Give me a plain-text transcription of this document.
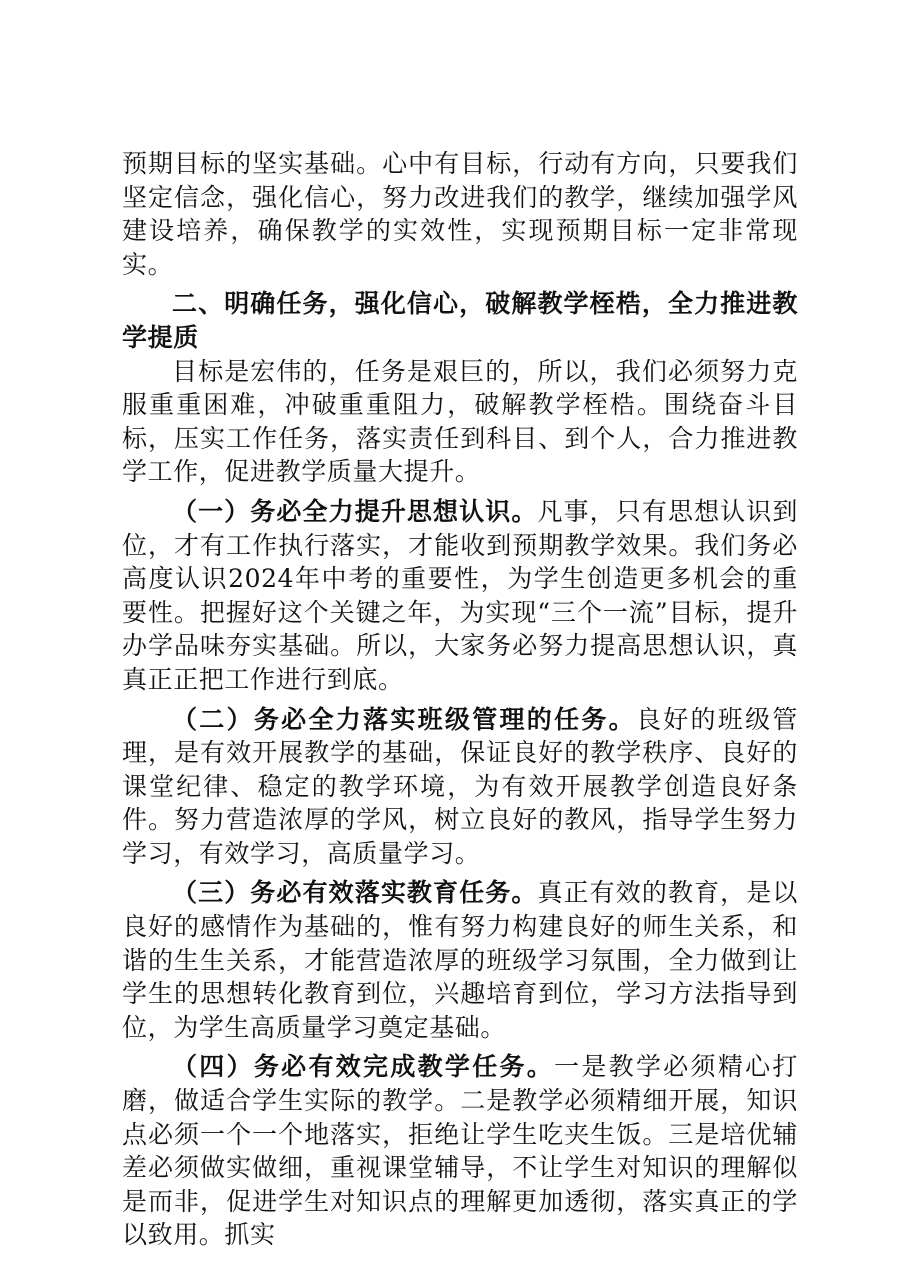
预期目标的坚实基础。心中有目标，行动有方向，只要我们坚定信念，强化信心，努力改进我们的教学，继续加强学风建设培养，确保教学的实效性，实现预期目标一定非常现实。

二、明确任务，强化信心，破解教学桎梏，全力推进教学提质

目标是宏伟的，任务是艰巨的，所以，我们必须努力克服重重困难，冲破重重阻力，破解教学桎梏。围绕奋斗目标，压实工作任务，落实责任到科目、到个人，合力推进教学工作，促进教学质量大提升。

（一）务必全力提升思想认识。凡事，只有思想认识到位，才有工作执行落实，才能收到预期教学效果。我们务必高度认识2024年中考的重要性，为学生创造更多机会的重要性。把握好这个关键之年，为实现“三个一流”目标，提升办学品味夯实基础。所以，大家务必努力提高思想认识，真真正正把工作进行到底。

（二）务必全力落实班级管理的任务。良好的班级管理，是有效开展教学的基础，保证良好的教学秩序、良好的课堂纪律、稳定的教学环境，为有效开展教学创造良好条件。努力营造浓厚的学风，树立良好的教风，指导学生努力学习，有效学习，高质量学习。

（三）务必有效落实教育任务。真正有效的教育，是以良好的感情作为基础的，惟有努力构建良好的师生关系，和谐的生生关系，才能营造浓厚的班级学习氛围，全力做到让学生的思想转化教育到位，兴趣培育到位，学习方法指导到位，为学生高质量学习奠定基础。

（四）务必有效完成教学任务。一是教学必须精心打磨，做适合学生实际的教学。二是教学必须精细开展，知识点必须一个一个地落实，拒绝让学生吃夹生饭。三是培优辅差必须做实做细，重视课堂辅导，不让学生对知识的理解似是而非，促进学生对知识点的理解更加透彻，落实真正的学以致用。抓实
